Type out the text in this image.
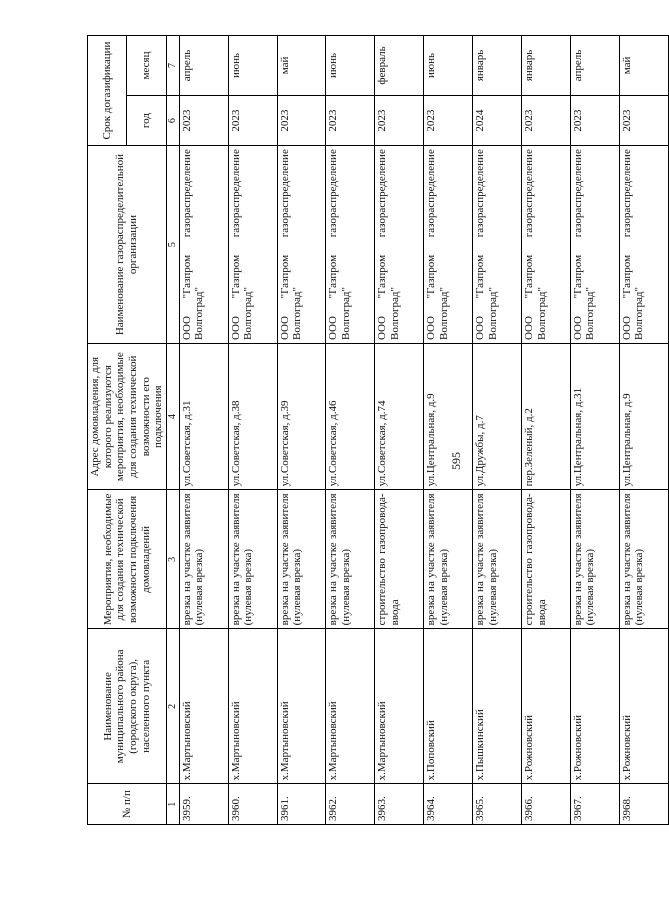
595
№ п/п	Наименование муниципального района (городского округа), населенного пункта	Мероприятия, необходимые для создания технической возможности подключения домовладений	Адрес домовладения, для которого реализуются мероприятия, необходимые для создания технической возможности его подключения	Наименование газораспределительной организации	Срок догазификации	
					год	месяц
1	2	3	4	5	6	7
3959.	х.Мартыновский	врезка на участке заявителя (нулевая врезка)	ул.Советская, д.31	ООО "Газпром газораспределение Волгоград"	2023	апрель
3960.	х.Мартыновский	врезка на участке заявителя (нулевая врезка)	ул.Советская, д.38	ООО "Газпром газораспределение Волгоград"	2023	июнь
3961.	х.Мартыновский	врезка на участке заявителя (нулевая врезка)	ул.Советская, д.39	ООО "Газпром газораспределение Волгоград"	2023	май
3962.	х.Мартыновский	врезка на участке заявителя (нулевая врезка)	ул.Советская, д.46	ООО "Газпром газораспределение Волгоград"	2023	июнь
3963.	х.Мартыновский	строительство газопровода-ввода	ул.Советская, д.74	ООО "Газпром газораспределение Волгоград"	2023	февраль
3964.	х.Поповский	врезка на участке заявителя (нулевая врезка)	ул.Центральная, д.9	ООО "Газпром газораспределение Волгоград"	2023	июнь
3965.	х.Пышкинский	врезка на участке заявителя (нулевая врезка)	ул.Дружбы, д.7	ООО "Газпром газораспределение Волгоград"	2024	январь
3966.	х.Рожновский	строительство газопровода-ввода	пер.Зеленый, д.2	ООО "Газпром газораспределение Волгоград"	2023	январь
3967.	х.Рожновский	врезка на участке заявителя (нулевая врезка)	ул.Центральная, д.31	ООО "Газпром газораспределение Волгоград"	2023	апрель
3968.	х.Рожновский	врезка на участке заявителя (нулевая врезка)	ул.Центральная, д.9	ООО "Газпром газораспределение Волгоград"	2023	май
